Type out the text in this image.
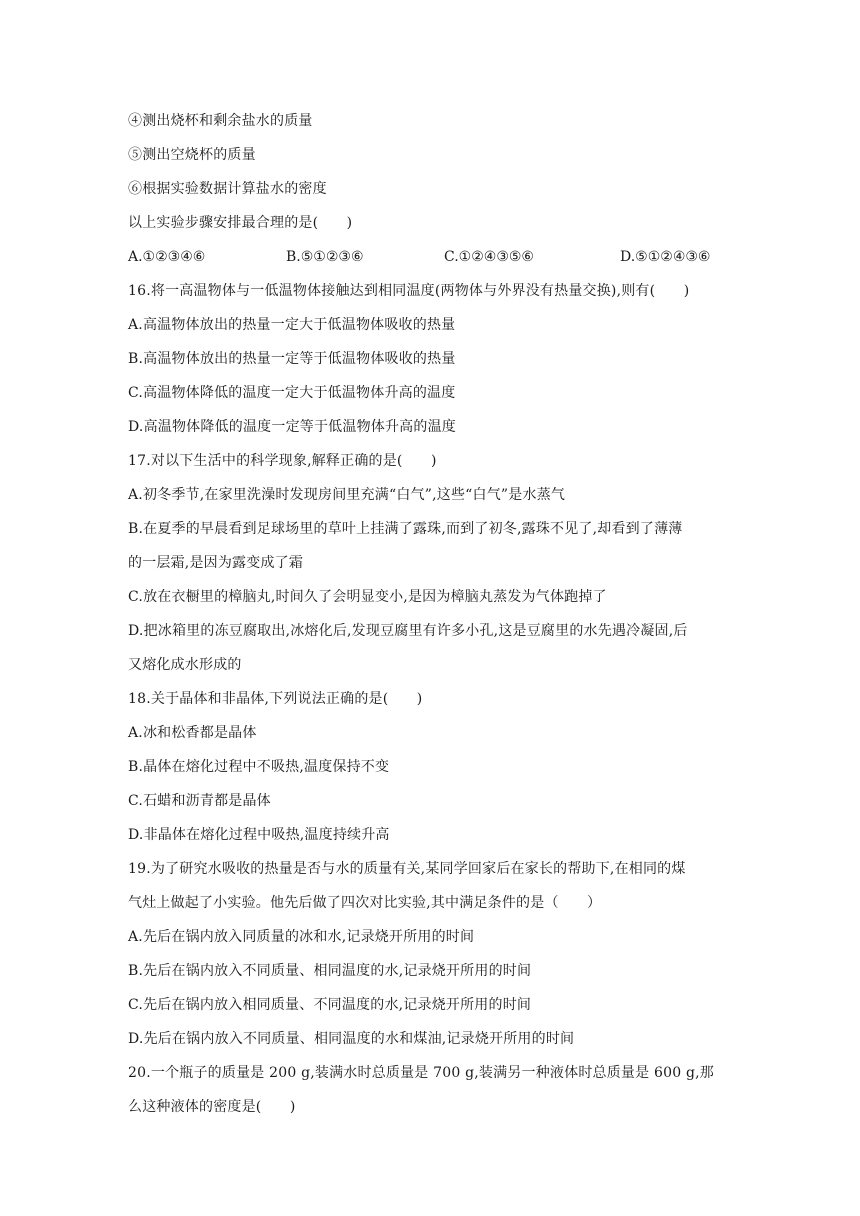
④测出烧杯和剩余盐水的质量
⑤测出空烧杯的质量
⑥根据实验数据计算盐水的密度
以上实验步骤安排最合理的是(　　)
A.①②③④⑥	B.⑤①②③⑥	C.①②④③⑤⑥	D.⑤①②④③⑥
16.将一高温物体与一低温物体接触达到相同温度(两物体与外界没有热量交换),则有(　　)
A.高温物体放出的热量一定大于低温物体吸收的热量
B.高温物体放出的热量一定等于低温物体吸收的热量
C.高温物体降低的温度一定大于低温物体升高的温度
D.高温物体降低的温度一定等于低温物体升高的温度
17.对以下生活中的科学现象,解释正确的是(　　)
A.初冬季节,在家里洗澡时发现房间里充满“白气”,这些“白气”是水蒸气
B.在夏季的早晨看到足球场里的草叶上挂满了露珠,而到了初冬,露珠不见了,却看到了薄薄
的一层霜,是因为露变成了霜
C.放在衣橱里的樟脑丸,时间久了会明显变小,是因为樟脑丸蒸发为气体跑掉了
D.把冰箱里的冻豆腐取出,冰熔化后,发现豆腐里有许多小孔,这是豆腐里的水先遇冷凝固,后
又熔化成水形成的
18.关于晶体和非晶体,下列说法正确的是(　　)
A.冰和松香都是晶体
B.晶体在熔化过程中不吸热,温度保持不变
C.石蜡和沥青都是晶体
D.非晶体在熔化过程中吸热,温度持续升高
19.为了研究水吸收的热量是否与水的质量有关,某同学回家后在家长的帮助下,在相同的煤
气灶上做起了小实验。他先后做了四次对比实验,其中满足条件的是（　　）
A.先后在锅内放入同质量的冰和水,记录烧开所用的时间
B.先后在锅内放入不同质量、相同温度的水,记录烧开所用的时间
C.先后在锅内放入相同质量、不同温度的水,记录烧开所用的时间
D.先后在锅内放入不同质量、相同温度的水和煤油,记录烧开所用的时间
20.一个瓶子的质量是 200 g,装满水时总质量是 700 g,装满另一种液体时总质量是 600 g,那
么这种液体的密度是(　　)
